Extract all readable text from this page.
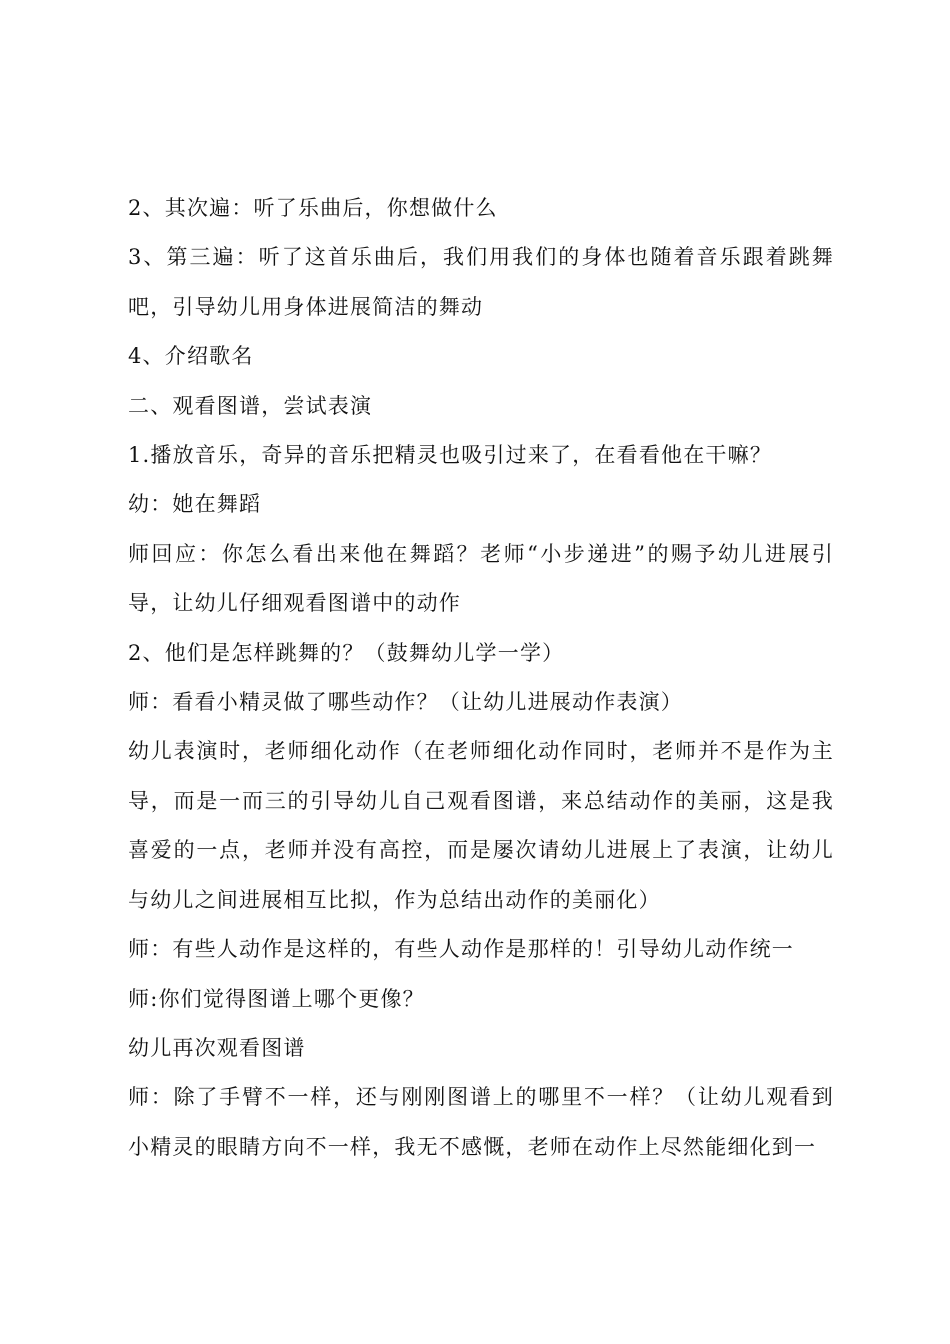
2、其次遍：听了乐曲后，你想做什么

3、第三遍：听了这首乐曲后，我们用我们的身体也随着音乐跟着跳舞吧，引导幼儿用身体进展简洁的舞动

4、介绍歌名

二、观看图谱，尝试表演

1.播放音乐，奇异的音乐把精灵也吸引过来了，在看看他在干嘛？

幼：她在舞蹈

师回应：你怎么看出来他在舞蹈？老师“小步递进”的赐予幼儿进展引导，让幼儿仔细观看图谱中的动作

2、他们是怎样跳舞的？（鼓舞幼儿学一学）

师：看看小精灵做了哪些动作？（让幼儿进展动作表演）

幼儿表演时，老师细化动作（在老师细化动作同时，老师并不是作为主导，而是一而三的引导幼儿自己观看图谱，来总结动作的美丽，这是我喜爱的一点，老师并没有高控，而是屡次请幼儿进展上了表演，让幼儿与幼儿之间进展相互比拟，作为总结出动作的美丽化）

师：有些人动作是这样的，有些人动作是那样的！引导幼儿动作统一

师:你们觉得图谱上哪个更像？

幼儿再次观看图谱

师：除了手臂不一样，还与刚刚图谱上的哪里不一样？（让幼儿观看到小精灵的眼睛方向不一样，我无不感慨，老师在动作上尽然能细化到一
